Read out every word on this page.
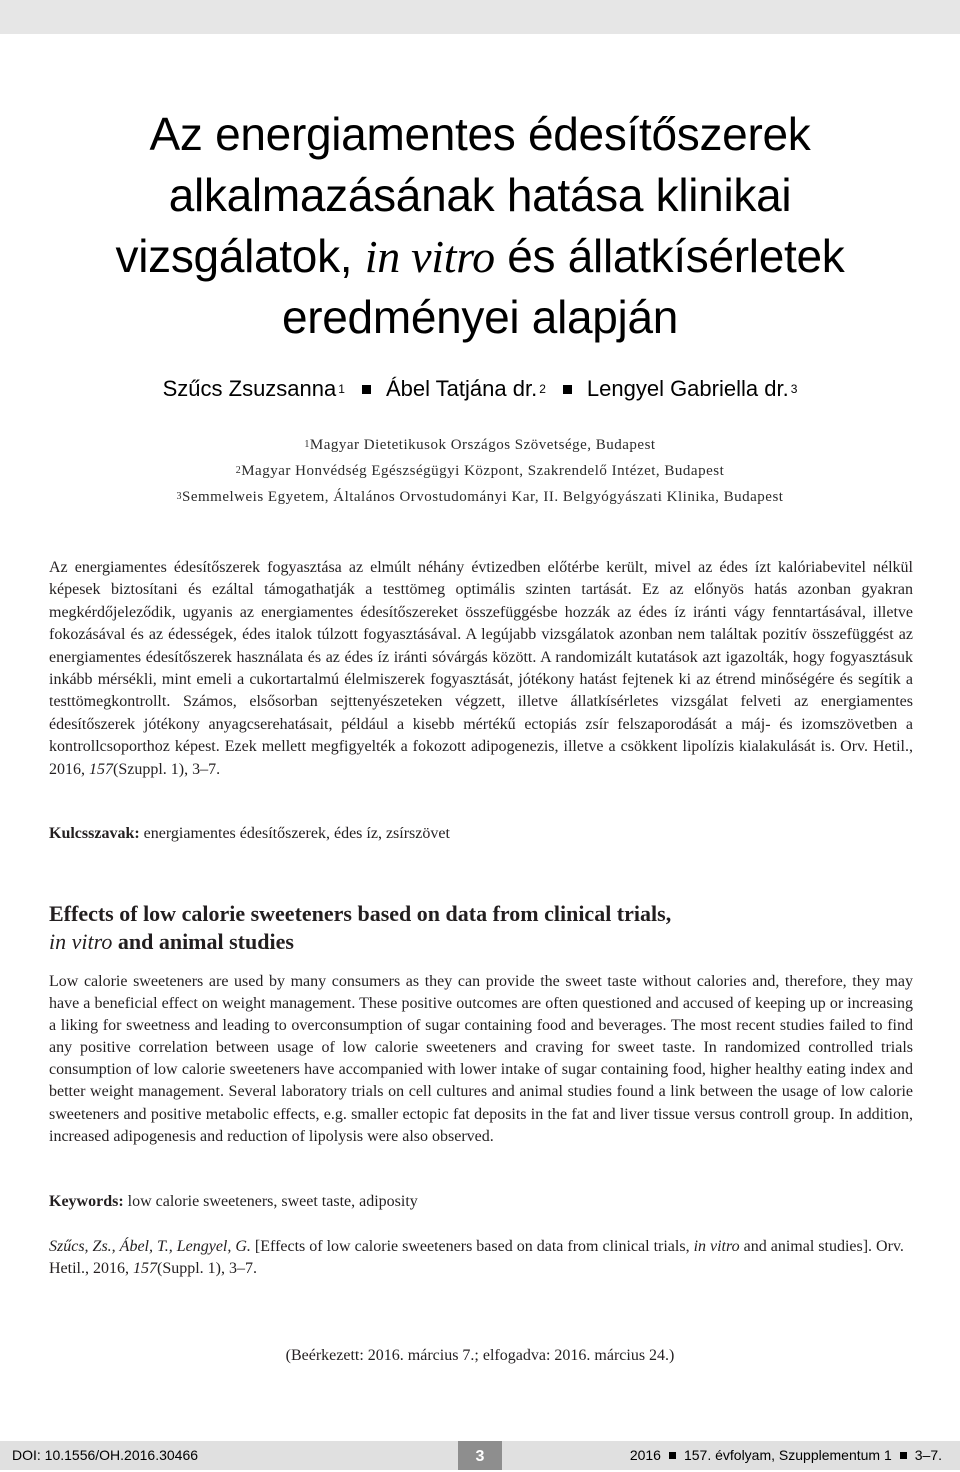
Az energiamentes édesítőszerek
alkalmazásának hatása klinikai
vizsgálatok, in vitro és állatkísérletek
eredményei alapján
Szűcs Zsuzsanna $^1$ Ábel Tatjána dr. $^2$ Lengyel Gabriella dr. $^3$
$^1$Magyar Dietetikusok Országos Szövetsége, Budapest
$^2$Magyar Honvédség Egészségügyi Központ, Szakrendelő Intézet, Budapest
$^3$Semmelweis Egyetem, Általános Orvostudományi Kar, II. Belgyógyászati Klinika, Budapest

Az energiamentes édesítőszerek fogyasztása az elmúlt néhány évtizedben előtérbe került, mivel az édes ízt kalóriabevitel nélkül képesek biztosítani és ezáltal támogathatják a testtömeg optimális szinten tartását. Ez az előnyös hatás azonban gyakran megkérdőjeleződik, ugyanis az energiamentes édesítőszereket összefüggésbe hozzák az édes íz iránti vágy fenntartásával, illetve fokozásával és az édességek, édes italok túlzott fogyasztásával. A legújabb vizsgálatok azonban nem találtak pozitív összefüggést az energiamentes édesítőszerek használata és az édes íz iránti sóvárgás között. A randomizált kutatások azt igazolták, hogy fogyasztásuk inkább mérsékli, mint emeli a cukortartalmú élelmiszerek fogyasztását, jótékony hatást fejtenek ki az étrend minőségére és segítik a testtömegkontrollt. Számos, elsősorban sejttenyészeteken végzett, illetve állatkísérletes vizsgálat felveti az energiamentes édesítőszerek jótékony anyagcserehatásait, például a kisebb mértékű ectopiás zsír felszaporodását a máj- és izomszövetben a kontrollcsoporthoz képest. Ezek mellett megfigyelték a fokozott adipogenezis, illetve a csökkent lipolízis kialakulását is. Orv. Hetil., 2016, 157(Szuppl. 1), 3–7.

Kulcsszavak: energiamentes édesítőszerek, édes íz, zsírszövet
Effects of low calorie sweeteners based on data from clinical trials,
in vitro and animal studies

Low calorie sweeteners are used by many consumers as they can provide the sweet taste without calories and, therefore, they may have a beneficial effect on weight management. These positive outcomes are often questioned and accused of keeping up or increasing a liking for sweetness and leading to overconsumption of sugar containing food and beverages. The most recent studies failed to find any positive correlation between usage of low calorie sweeteners and craving for sweet taste. In randomized controlled trials consumption of low calorie sweeteners have accompanied with lower intake of sugar containing food, higher healthy eating index and better weight management. Several laboratory trials on cell cultures and animal studies found a link between the usage of low calorie sweeteners and positive metabolic effects, e.g. smaller ectopic fat deposits in the fat and liver tissue versus controll group. In addition, increased adipogenesis and reduction of lipolysis were also observed.

Keywords: low calorie sweeteners, sweet taste, adiposity
Szűcs, Zs., Ábel, T., Lengyel, G. [Effects of low calorie sweeteners based on data from clinical trials, in vitro and animal studies]. Orv. Hetil., 2016, 157(Suppl. 1), 3–7.
(Beérkezett: 2016. március 7.; elfogadva: 2016. március 24.)
DOI: 10.1556/OH.2016.30466	3	2016 157. évfolyam, Szupplementum 1 3–7.
